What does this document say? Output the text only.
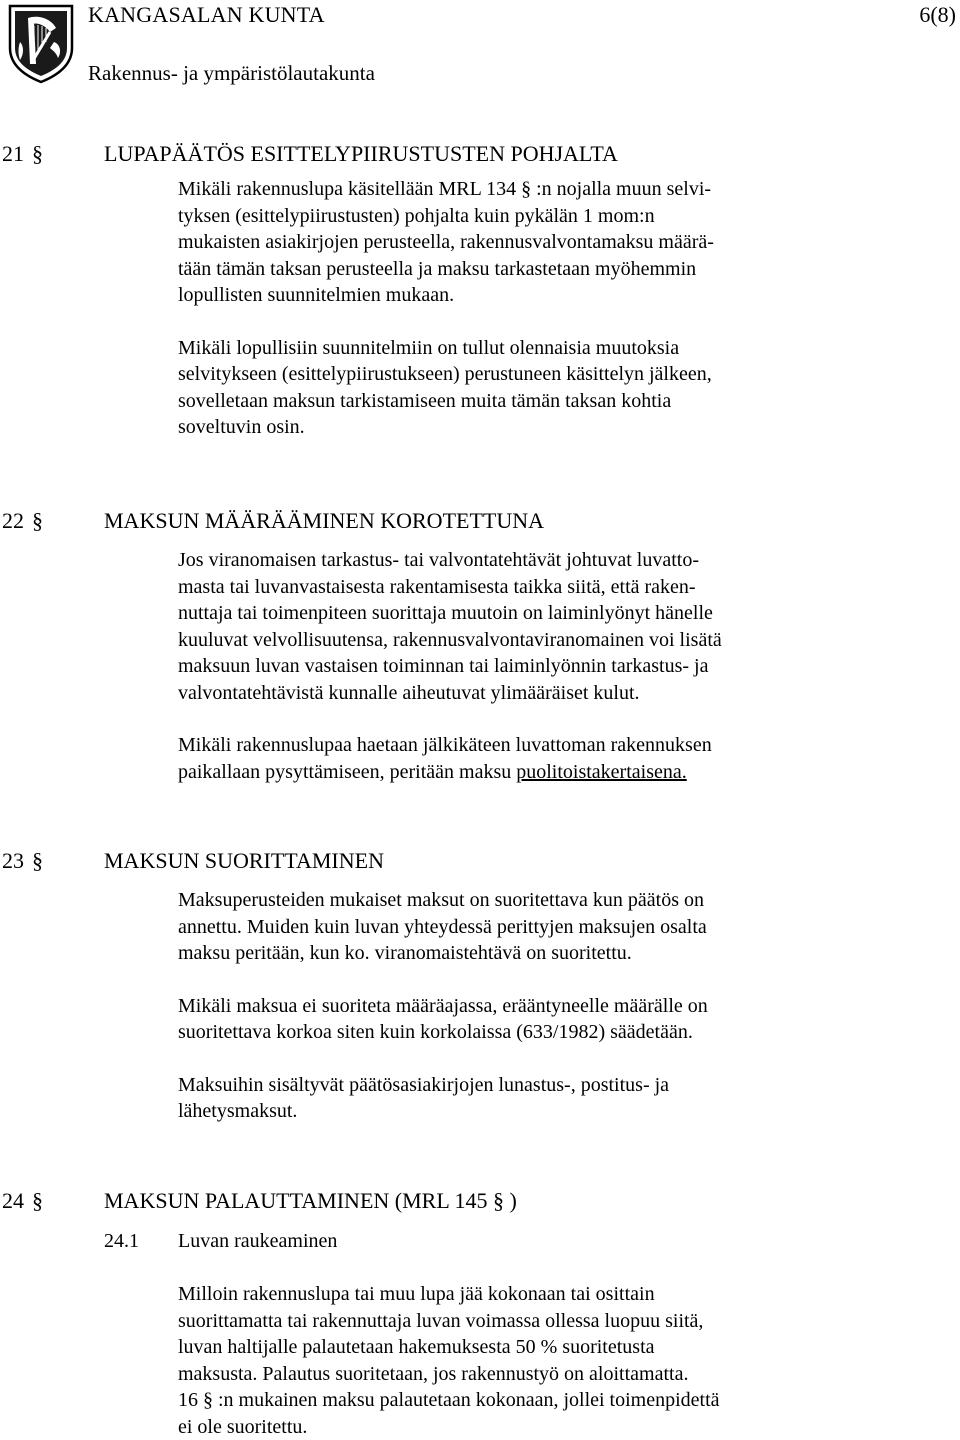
KANGASALAN KUNTA	6(8)
Rakennus- ja ympäristölautakunta
21 §	LUPAPÄÄTÖS ESITTELYPIIRUSTUSTEN POHJALTA

Mikäli rakennuslupa käsitellään MRL 134 § :n nojalla muun selvi-
tyksen (esittelypiirustusten) pohjalta kuin pykälän 1 mom:n
mukaisten asiakirjojen perusteella, rakennusvalvontamaksu määrä-
tään tämän taksan perusteella ja maksu tarkastetaan myöhemmin
lopullisten suunnitelmien mukaan.

Mikäli lopullisiin suunnitelmiin on tullut olennaisia muutoksia
selvitykseen (esittelypiirustukseen) perustuneen käsittelyn jälkeen,
sovelletaan maksun tarkistamiseen muita tämän taksan kohtia
soveltuvin osin.

22 §	MAKSUN MÄÄRÄÄMINEN KOROTETTUNA

Jos viranomaisen tarkastus- tai valvontatehtävät johtuvat luvatto-
masta tai luvanvastaisesta rakentamisesta taikka siitä, että raken-
nuttaja tai toimenpiteen suorittaja muutoin on laiminlyönyt hänelle
kuuluvat velvollisuutensa, rakennusvalvontaviranomainen voi lisätä
maksuun luvan vastaisen toiminnan tai laiminlyönnin tarkastus- ja
valvontatehtävistä kunnalle aiheutuvat ylimääräiset kulut.

Mikäli rakennuslupaa haetaan jälkikäteen luvattoman rakennuksen
paikallaan pysyttämiseen, peritään maksu puolitoistakertaisena.

23 §	MAKSUN SUORITTAMINEN

Maksuperusteiden mukaiset maksut on suoritettava kun päätös on
annettu. Muiden kuin luvan yhteydessä perittyjen maksujen osalta
maksu peritään, kun ko. viranomaistehtävä on suoritettu.

Mikäli maksua ei suoriteta määräajassa, erääntyneelle määrälle on
suoritettava korkoa siten kuin korkolaissa (633/1982) säädetään.

Maksuihin sisältyvät päätösasiakirjojen lunastus-, postitus- ja
lähetysmaksut.

24 §	MAKSUN PALAUTTAMINEN (MRL 145 § )
24.1 Luvan raukeaminen

Milloin rakennuslupa tai muu lupa jää kokonaan tai osittain
suorittamatta tai rakennuttaja luvan voimassa ollessa luopuu siitä,
luvan haltijalle palautetaan hakemuksesta 50 % suoritetusta
maksusta. Palautus suoritetaan, jos rakennustyö on aloittamatta.
16 § :n mukainen maksu palautetaan kokonaan, jollei toimenpidettä
ei ole suoritettu.
